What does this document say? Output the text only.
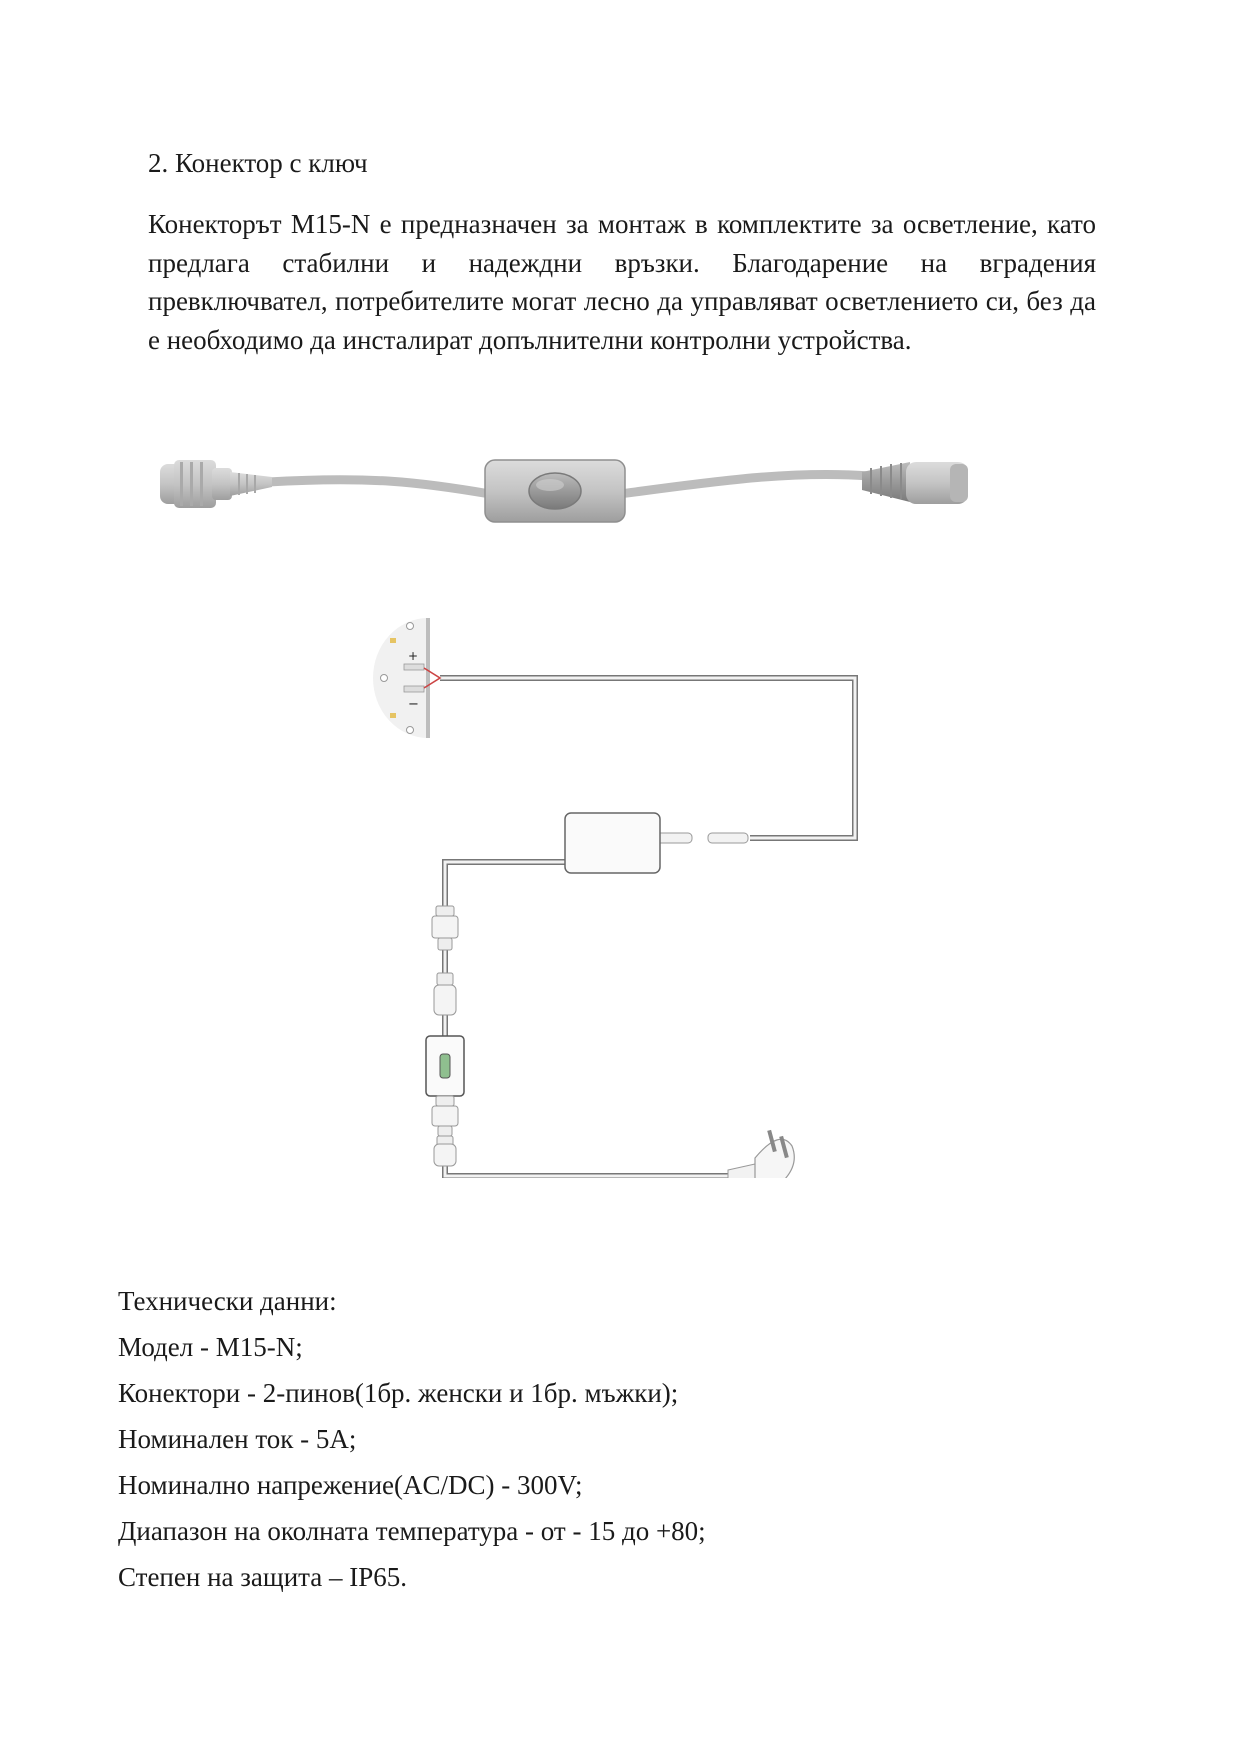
2. Конектор с ключ

Конекторът М15-N е предназначен за монтаж в комплектите за осветление, като предлага стабилни и надеждни връзки. Благодарение на вградения превключвател, потребителите могат лесно да управляват осветлението си, без да е необходимо да инсталират допълнителни контролни устройства.

+
−
Технически данни:
Модел - М15-N;
Конектори - 2-пинов(1бр. женски и 1бр. мъжки);
Номинален ток - 5A;
Номинално напрежение(AC/DC) - 300V;
Диапазон на околната температура - от - 15 до +80;
Степен на защита – IP65.
